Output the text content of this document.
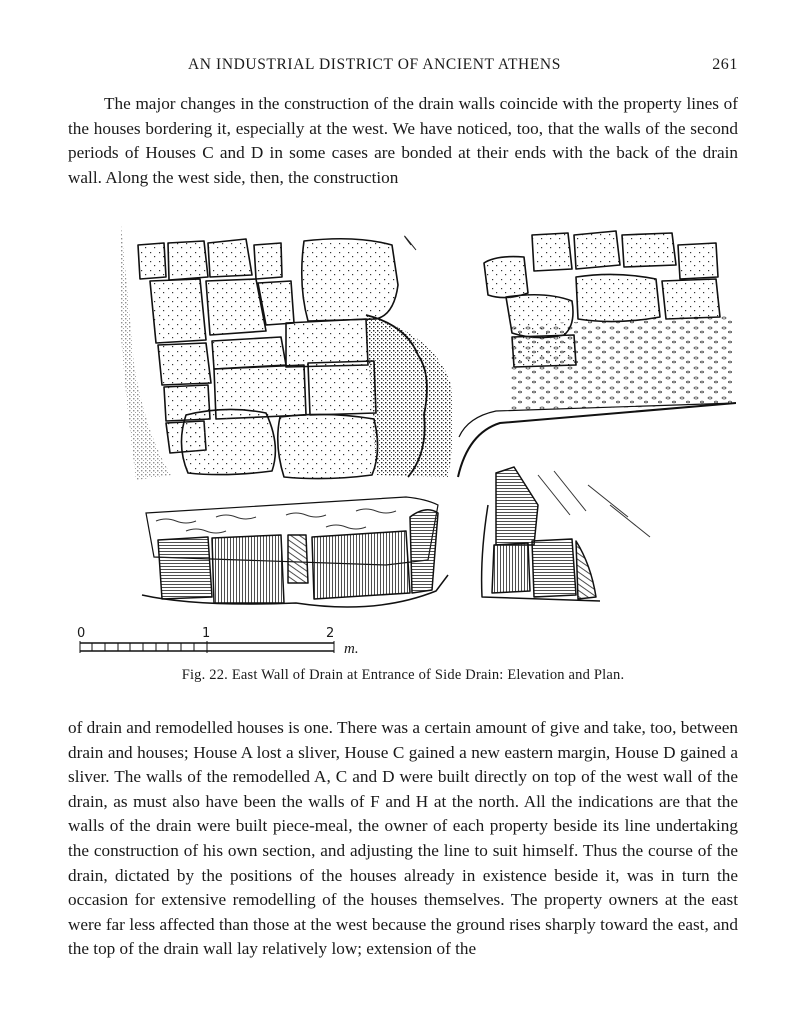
AN INDUSTRIAL DISTRICT OF ANCIENT ATHENS	261

The major changes in the construction of the drain walls coincide with the property lines of the houses bordering it, especially at the west. We have noticed, too, that the walls of the second periods of Houses C and D in some cases are bonded at their ends with the back of the drain wall. Along the west side, then, the construction

0	1	2
m.
Fig. 22. East Wall of Drain at Entrance of Side Drain: Elevation and Plan.

of drain and remodelled houses is one. There was a certain amount of give and take, too, between drain and houses; House A lost a sliver, House C gained a new eastern margin, House D gained a sliver. The walls of the remodelled A, C and D were built directly on top of the west wall of the drain, as must also have been the walls of F and H at the north. All the indications are that the walls of the drain were built piece-meal, the owner of each property beside its line undertaking the construction of his own section, and adjusting the line to suit himself. Thus the course of the drain, dictated by the positions of the houses already in existence beside it, was in turn the occasion for extensive remodelling of the houses themselves. The property owners at the east were far less affected than those at the west because the ground rises sharply toward the east, and the top of the drain wall lay relatively low; extension of the
